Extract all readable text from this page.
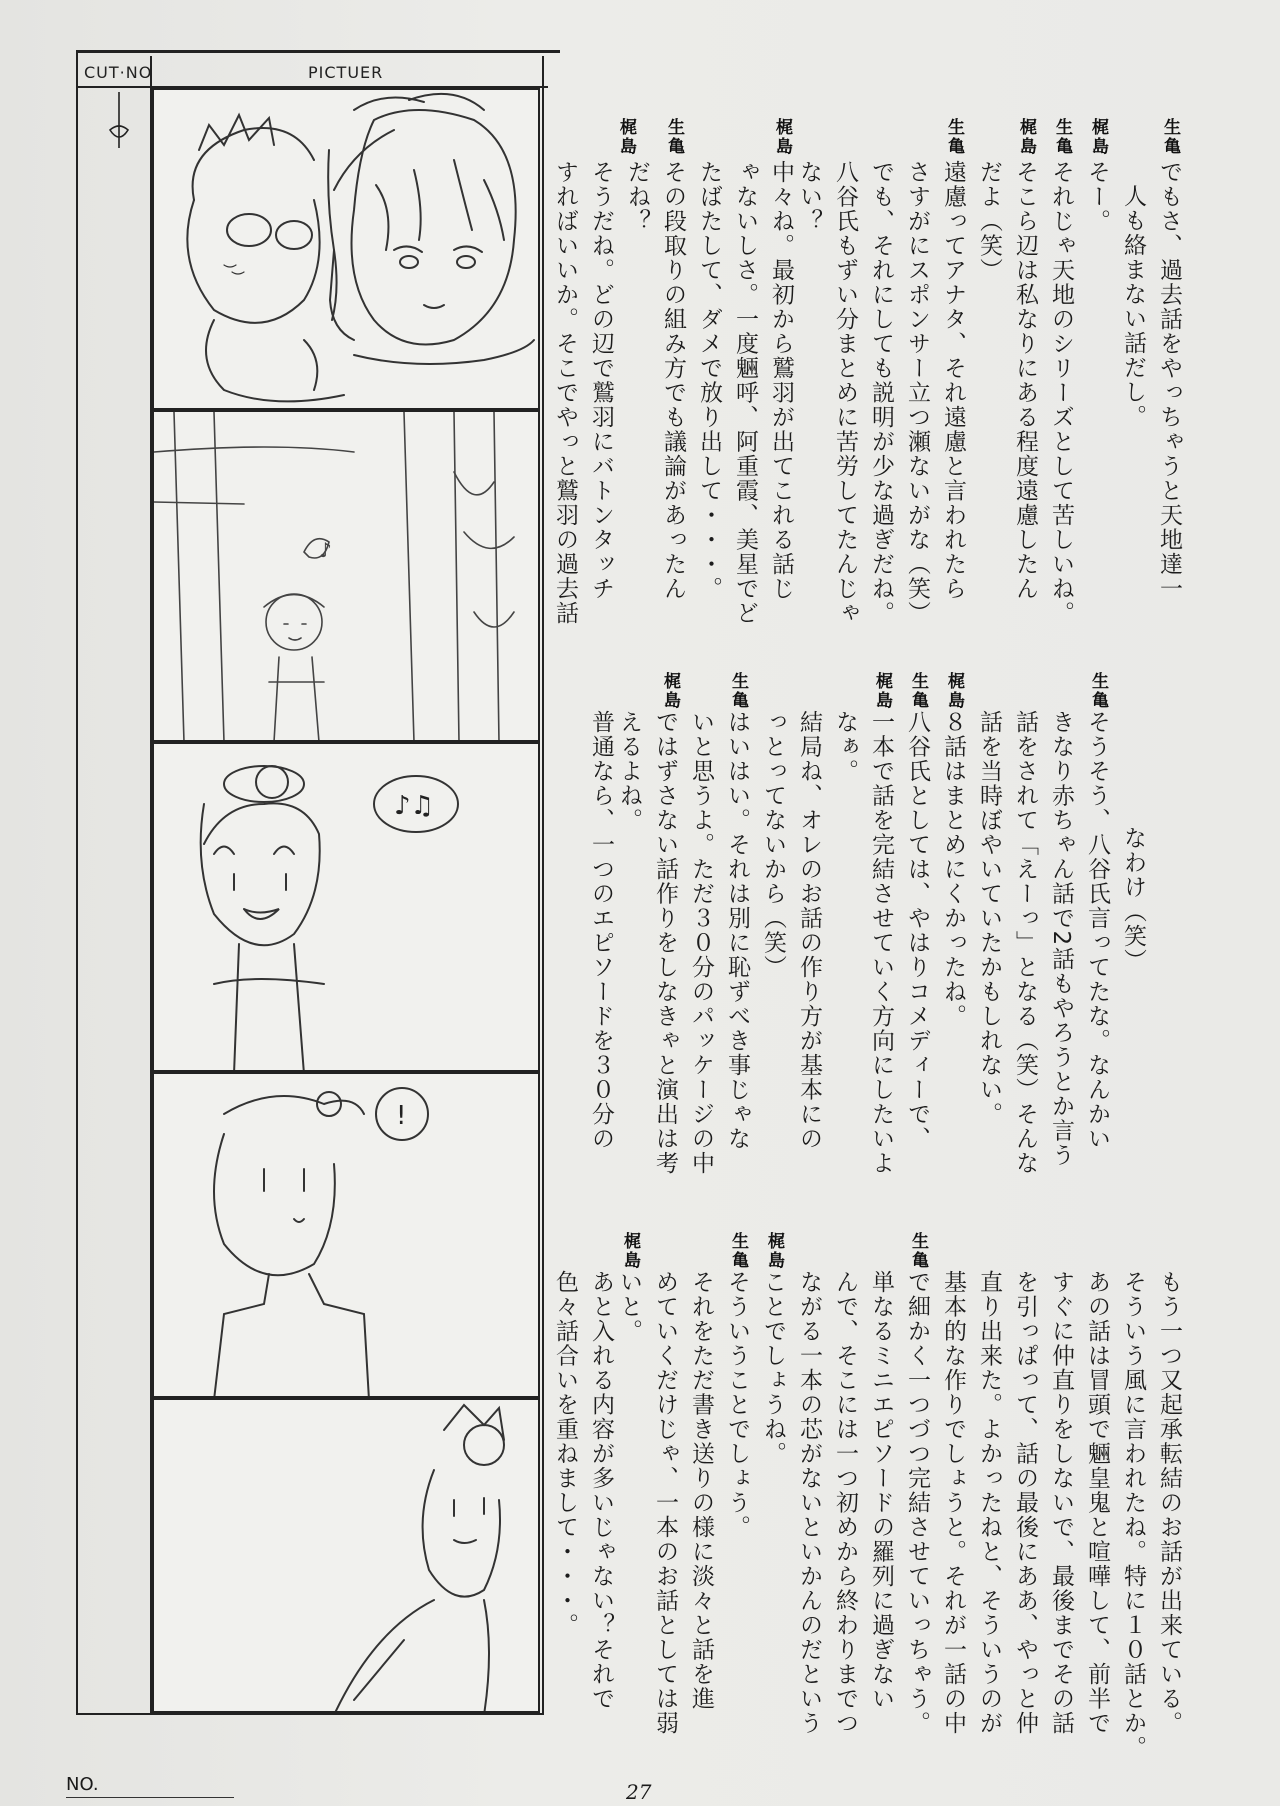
CUT·NO	PICTUER
♪
♪♫
!
NO.
生亀
でもさ、過去話をやっちゃうと天地達一
人も絡まない話だし。
梶島
そー。
生亀
それじゃ天地のシリーズとして苦しいね。
梶島
そこら辺は私なりにある程度遠慮したん
だよ（笑）
生亀
遠慮ってアナタ、それ遠慮と言われたら
さすがにスポンサー立つ瀬ないがな（笑）
でも、それにしても説明が少な過ぎだね。
八谷氏もずい分まとめに苦労してたんじゃ
ない？
梶島
中々ね。最初から鷲羽が出てこれる話じ
ゃないしさ。一度魎呼、阿重霞、美星でど
たばたして、ダメで放り出して・・・。
生亀
その段取りの組み方でも議論があったん
だね？
梶島
そうだね。どの辺で鷲羽にバトンタッチ
すればいいか。そこでやっと鷲羽の過去話
なわけ（笑）
生亀
そうそう、八谷氏言ってたな。なんかい
きなり赤ちゃん話で2話もやろうとか言う
話をされて「えーっ」となる（笑）そんな
話を当時ぼやいていたかもしれない。
梶島
８話はまとめにくかったね。
生亀
八谷氏としては、やはりコメディーで、
一本で話を完結させていく方向にしたいよ
なぁ。
梶島
結局ね、オレのお話の作り方が基本にの
っとってないから（笑）
生亀
はいはい。それは別に恥ずべき事じゃな
いと思うよ。ただ３０分のパッケージの中
ではずさない話作りをしなきゃと演出は考
えるよね。
梶島
普通なら、一つのエピソードを３０分の
もう一つ又起承転結のお話が出来ている。
そういう風に言われたね。特に１０話とか。
あの話は冒頭で魎皇鬼と喧嘩して、前半で
すぐに仲直りをしないで、最後までその話
を引っぱって、話の最後にああ、やっと仲
直り出来た。よかったねと、そういうのが
基本的な作りでしょうと。それが一話の中
生亀
で細かく一つづつ完結させていっちゃう。
単なるミニエピソードの羅列に過ぎない
んで、そこには一つ初めから終わりまでつ
ながる一本の芯がないといかんのだという
ことでしょうね。
梶島
そういうことでしょう。
生亀
それをただ書き送りの様に淡々と話を進
めていくだけじゃ、一本のお話としては弱
いと。
梶島
あと入れる内容が多いじゃない？それで
色々話合いを重ねまして・・・。
27
